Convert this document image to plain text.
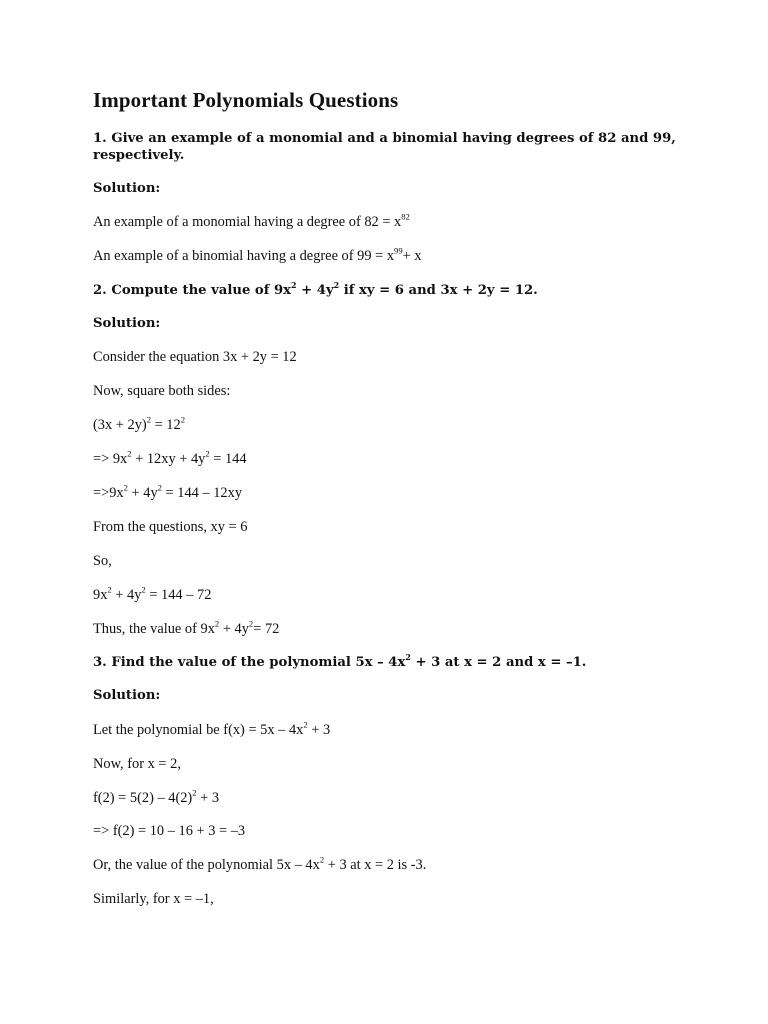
Important Polynomials Questions

1. Give an example of a monomial and a binomial having degrees of 82 and 99,

respectively.

Solution:

An example of a monomial having a degree of $82 = x^{82}$

An example of a binomial having a degree of $99 = x^{99}+ x$

2. Compute the value of $9x^2 + 4y^2$ if xy = 6 and 3x + 2y = 12.

Solution:

Consider the equation 3x + 2y = 12

Now, square both sides:

$(3x + 2y)^2 = 12^2$

=> $9x^2 + 12xy + 4y^2 = 144$

$=>9x^2 + 4y^2 = 144 - 12xy$

From the questions, xy = 6

So,

$9x^2 + 4y^2 = 144 - 72$

Thus, the value of $9x^2 + 4y^2= 72$

3. Find the value of the polynomial $5x - 4x^2 + 3$ at x = 2 and x = –1.

Solution:

Let the polynomial be $f(x) = 5x - 4x^2 + 3$

Now, for x = 2,

$f(2) = 5(2) - 4(2)^2 + 3$

=> f(2) = 10 – 16 + 3 = –3

Or, the value of the polynomial $5x - 4x^2 + 3$ at x = 2 is -3.

Similarly, for x = –1,
